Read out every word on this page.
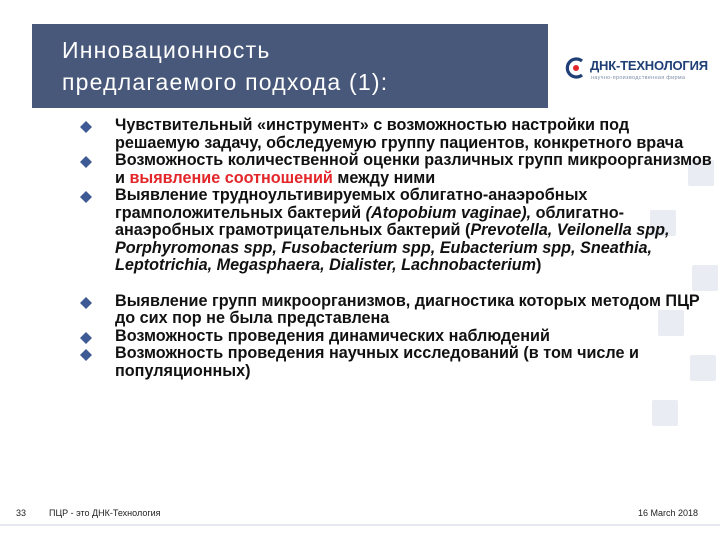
Инновационность
предлагаемого подхода (1):
ДНК-ТЕХНОЛОГИЯ
научно-производственная фирма
Чувствительный «инструмент» с возможностью настройки под решаемую задачу, обследуемую группу пациентов, конкретного врача
Возможность количественной оценки различных групп микроорганизмов и выявление соотношений между ними
Выявление трудноультивируемых облигатно-анаэробных грамположительных бактерий (Atopobium vaginae), облигатно-анаэробных грамотрицательных бактерий (Prevotella, Veilonella spp, Porphyromonas spp, Fusobacterium spp, Eubacterium spp, Sneathia, Leptotrichia, Megasphaera, Dialister, Lachnobacterium)
Выявление групп микроорганизмов, диагностика которых методом ПЦР до сих пор не была представлена
Возможность проведения динамических наблюдений
Возможность проведения научных исследований (в том числе и популяционных)
33	ПЦР - это ДНК-Технология	16 March 2018
